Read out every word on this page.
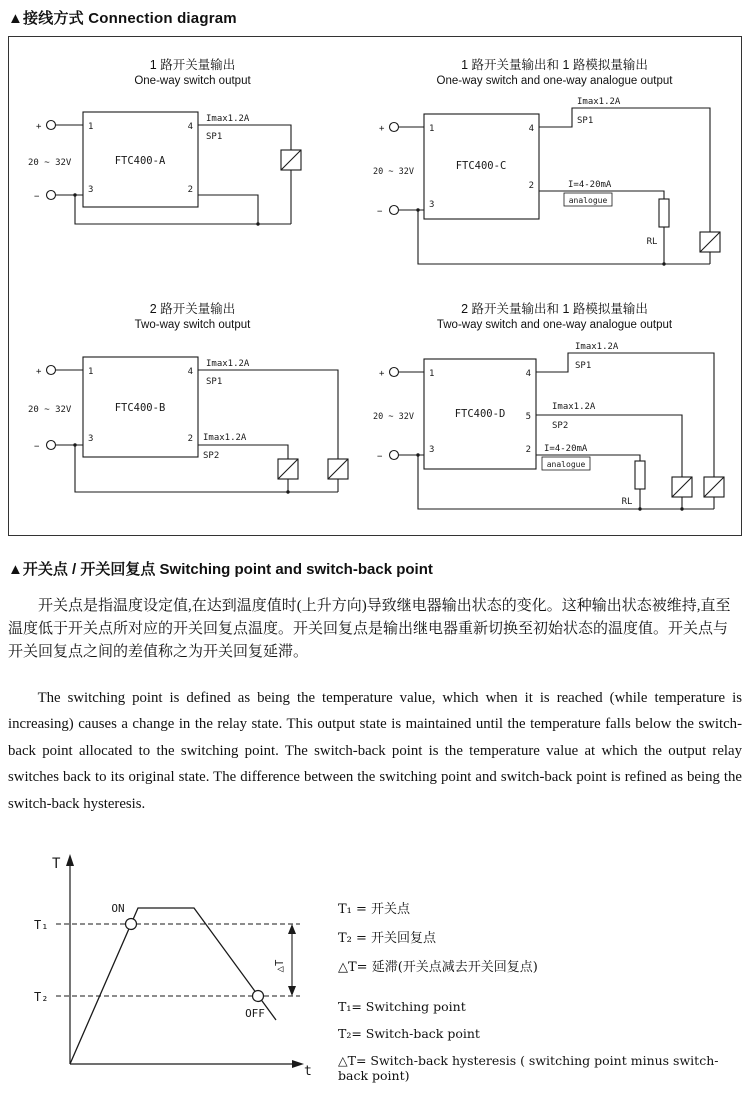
▲接线方式 Connection diagram
1 路开关量输出
One-way switch output
+
−
20 ~ 32V
1	4
3	2
FTC400-A
Imax1.2A
SP1
1 路开关量输出和 1 路模拟量输出
One-way switch and one-way analogue output
+
−
20 ~ 32V
1	4
3
2
FTC400-C
Imax1.2A
SP1
I=4-20mA
analogue
RL
2 路开关量输出
Two-way switch output
+
−
20 ~ 32V
1	4
3	2
FTC400-B
Imax1.2A
SP1
Imax1.2A
SP2
2 路开关量输出和 1 路模拟量输出
Two-way switch and one-way analogue output
+
−
20 ~ 32V
1	4
5
3	2
FTC400-D
Imax1.2A
SP1
Imax1.2A
SP2
I=4-20mA
analogue
RL
▲开关点 / 开关回复点 Switching point and switch-back point

开关点是指温度设定值,在达到温度值时(上升方向)导致继电器输出状态的变化。这种输出状态被维持,直至温度低于开关点所对应的开关回复点温度。开关回复点是输出继电器重新切换至初始状态的温度值。开关点与开关回复点之间的差值称之为开关回复延滞。

The switching point is defined as being the temperature value, which when it is reached (while temperature is increasing) causes a change in the relay state. This output state is maintained until the temperature falls below the switch-back point allocated to the switching point. The switch-back point is the temperature value at which the output relay switches back to its original state. The difference between the switching point and switch-back point is refined as being the switch-back hysteresis.

T
t
T₁
T₂
ON
OFF
△T
T₁ = 开关点
T₂ = 开关回复点
△T= 延滞(开关点减去开关回复点)
T₁= Switching point
T₂= Switch-back point
△T= Switch-back hysteresis ( switching point minus switch-back point)
